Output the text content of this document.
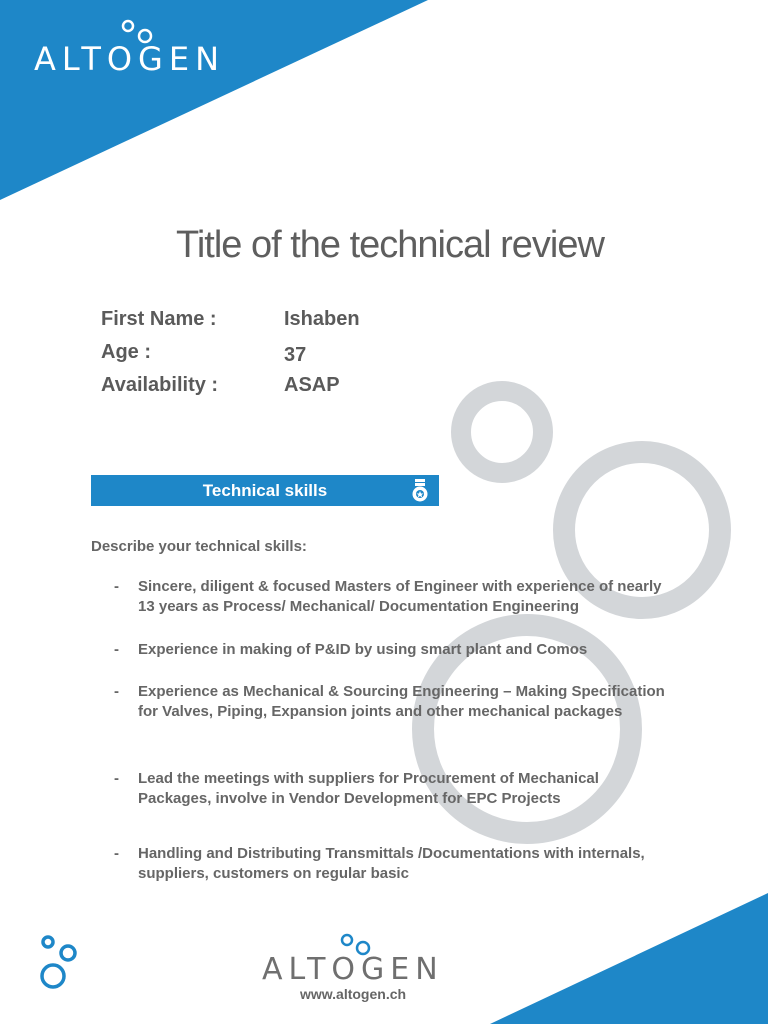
ALTOGEN
Title of the technical review
First Name :	Ishaben
Age :	37
Availability :	ASAP
Technical skills
Describe your technical skills:
- Sincere, diligent & focused Masters of Engineer with experience of nearly 13 years as Process/ Mechanical/ Documentation Engineering
- Experience in making of P&ID by using smart plant and Comos
- Experience as Mechanical & Sourcing Engineering – Making Specification for Valves, Piping, Expansion joints and other mechanical packages
- Lead the meetings with suppliers for Procurement of Mechanical Packages, involve in Vendor Development for EPC Projects
- Handling and Distributing Transmittals /Documentations with internals, suppliers, customers on regular basic
ALTOGEN
www.altogen.ch
